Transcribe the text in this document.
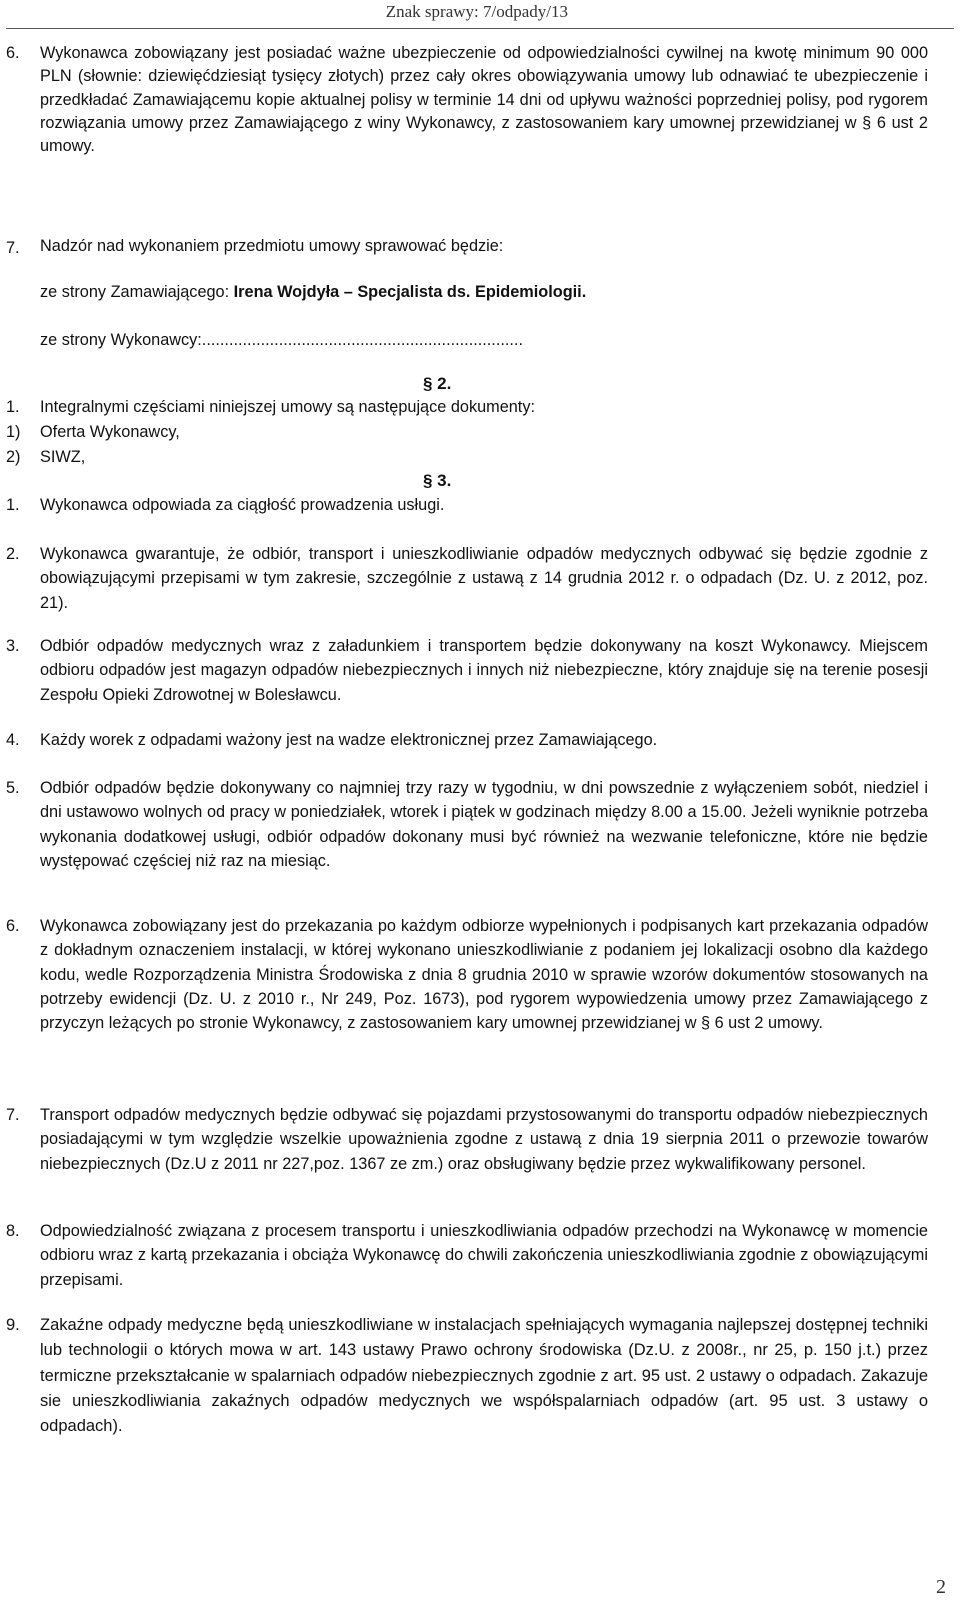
Znak sprawy: 7/odpady/13
6. Wykonawca zobowiązany jest posiadać ważne ubezpieczenie od odpowiedzialności cywilnej na kwotę minimum 90 000 PLN (słownie: dziewięćdziesiąt tysięcy złotych) przez cały okres obowiązywania umowy lub odnawiać te ubezpieczenie i przedkładać Zamawiającemu kopie aktualnej polisy w terminie 14 dni od upływu ważności poprzedniej polisy, pod rygorem rozwiązania umowy przez Zamawiającego z winy Wykonawcy, z zastosowaniem kary umownej przewidzianej w § 6 ust 2 umowy.
7. Nadzór nad wykonaniem przedmiotu umowy sprawować będzie:
ze strony Zamawiającego: Irena Wojdyła – Specjalista ds. Epidemiologii.
ze strony Wykonawcy:.......................................................................
§ 2.
1. Integralnymi częściami niniejszej umowy są następujące dokumenty:
1) Oferta Wykonawcy,
2) SIWZ,
§ 3.
1. Wykonawca odpowiada za ciągłość prowadzenia usługi.
2. Wykonawca gwarantuje, że odbiór, transport i unieszkodliwianie odpadów medycznych odbywać się będzie zgodnie z obowiązującymi przepisami w tym zakresie, szczególnie z ustawą z 14 grudnia 2012 r. o odpadach (Dz. U. z 2012, poz. 21).
3. Odbiór odpadów medycznych wraz z załadunkiem i transportem będzie dokonywany na koszt Wykonawcy. Miejscem odbioru odpadów jest magazyn odpadów niebezpiecznych i innych niż niebezpieczne, który znajduje się na terenie posesji Zespołu Opieki Zdrowotnej w Bolesławcu.
4. Każdy worek z odpadami ważony jest na wadze elektronicznej przez Zamawiającego.
5. Odbiór odpadów będzie dokonywany co najmniej trzy razy w tygodniu, w dni powszednie z wyłączeniem sobót, niedziel i dni ustawowo wolnych od pracy w poniedziałek, wtorek i piątek w godzinach między 8.00 a 15.00. Jeżeli wyniknie potrzeba wykonania dodatkowej usługi, odbiór odpadów dokonany musi być również na wezwanie telefoniczne, które nie będzie występować częściej niż raz na miesiąc.
6. Wykonawca zobowiązany jest do przekazania po każdym odbiorze wypełnionych i podpisanych kart przekazania odpadów z dokładnym oznaczeniem instalacji, w której wykonano unieszkodliwianie z podaniem jej lokalizacji osobno dla każdego kodu, wedle Rozporządzenia Ministra Środowiska z dnia 8 grudnia 2010 w sprawie wzorów dokumentów stosowanych na potrzeby ewidencji (Dz. U. z 2010 r., Nr 249, Poz. 1673), pod rygorem wypowiedzenia umowy przez Zamawiającego z przyczyn leżących po stronie Wykonawcy, z zastosowaniem kary umownej przewidzianej w § 6 ust 2 umowy.
7. Transport odpadów medycznych będzie odbywać się pojazdami przystosowanymi do transportu odpadów niebezpiecznych posiadającymi w tym względzie wszelkie upoważnienia zgodne z ustawą z dnia 19 sierpnia 2011 o przewozie towarów niebezpiecznych (Dz.U z 2011 nr 227,poz. 1367 ze zm.) oraz obsługiwany będzie przez wykwalifikowany personel.
8. Odpowiedzialność związana z procesem transportu i unieszkodliwiania odpadów przechodzi na Wykonawcę w momencie odbioru wraz z kartą przekazania i obciąża Wykonawcę do chwili zakończenia unieszkodliwiania zgodnie z obowiązującymi przepisami.
9. Zakaźne odpady medyczne będą unieszkodliwiane w instalacjach spełniających wymagania najlepszej dostępnej techniki lub technologii o których mowa w art. 143 ustawy Prawo ochrony środowiska (Dz.U. z 2008r., nr 25, p. 150 j.t.) przez termiczne przekształcanie w spalarniach odpadów niebezpiecznych zgodnie z art. 95 ust. 2 ustawy o odpadach. Zakazuje sie unieszkodliwiania zakaźnych odpadów medycznych we współspalarniach odpadów (art. 95 ust. 3 ustawy o odpadach).
2
